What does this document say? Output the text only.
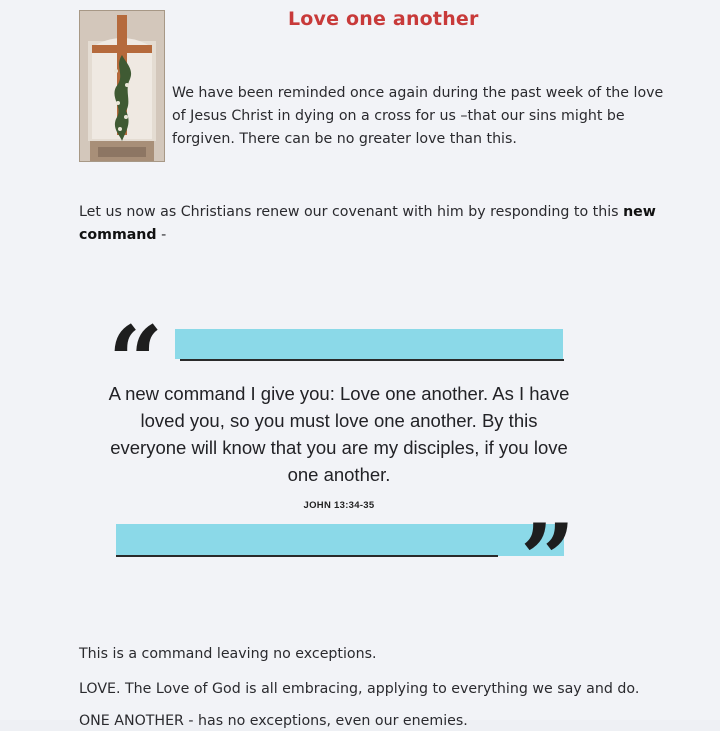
Love one another

We have been reminded once again during the past week of the love of Jesus Christ in dying on a cross for us –that our sins might be forgiven. There can be no greater love than this.

Let us now as Christians renew our covenant with him by responding to this new command -

“

A new command I give you: Love one another. As I have loved you, so you must love one another. By this everyone will know that you are my disciples, if you love one another.

JOHN 13:34-35	”
This is a command leaving no exceptions.
LOVE. The Love of God is all embracing, applying to everything we say and do.
ONE ANOTHER - has no exceptions, even our enemies.
